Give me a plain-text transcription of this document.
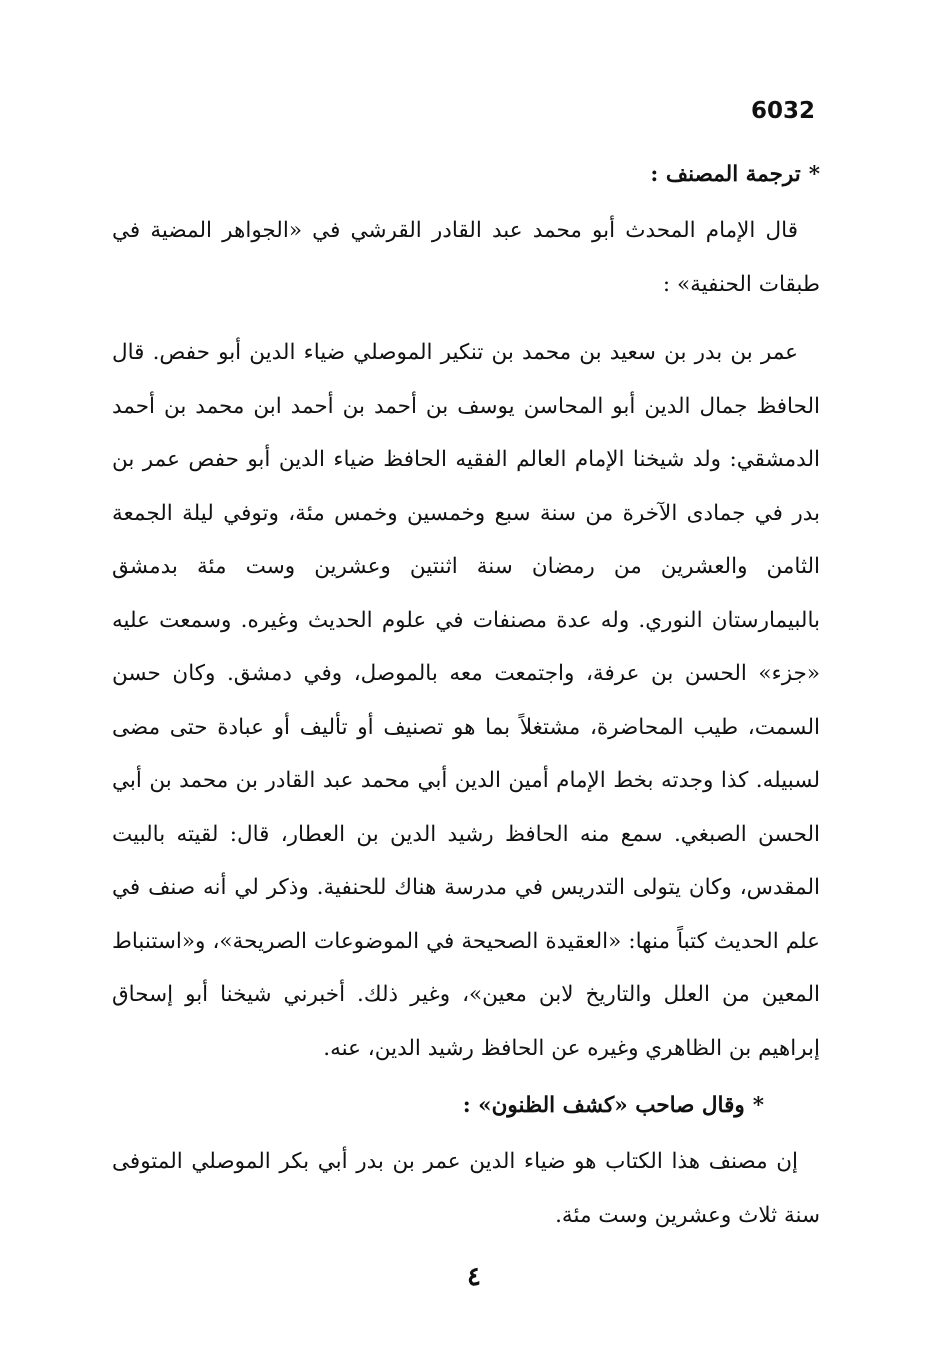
6032

*ترجمة المصنف :

قال الإمام المحدث أبو محمد عبد القادر القرشي في «الجواهر المضية في طبقات الحنفية» :

عمر بن بدر بن سعيد بن محمد بن تنكير الموصلي ضياء الدين أبو حفص. قال الحافظ جمال الدين أبو المحاسن يوسف بن أحمد بن أحمد ابن محمد بن أحمد الدمشقي: ولد شيخنا الإمام العالم الفقيه الحافظ ضياء الدين أبو حفص عمر بن بدر في جمادى الآخرة من سنة سبع وخمسين وخمس مئة، وتوفي ليلة الجمعة الثامن والعشرين من رمضان سنة اثنتين وعشرين وست مئة بدمشق بالبيمارستان النوري. وله عدة مصنفات في علوم الحديث وغيره. وسمعت عليه «جزء» الحسن بن عرفة، واجتمعت معه بالموصل، وفي دمشق. وكان حسن السمت، طيب المحاضرة، مشتغلاً بما هو تصنيف أو تأليف أو عبادة حتى مضى لسبيله. كذا وجدته بخط الإمام أمين الدين أبي محمد عبد القادر بن محمد بن أبي الحسن الصبغي. سمع منه الحافظ رشيد الدين بن العطار، قال: لقيته بالبيت المقدس، وكان يتولى التدريس في مدرسة هناك للحنفية. وذكر لي أنه صنف في علم الحديث كتباً منها: «العقيدة الصحيحة في الموضوعات الصريحة»، و«استنباط المعين من العلل والتاريخ لابن معين»، وغير ذلك. أخبرني شيخنا أبو إسحاق إبراهيم بن الظاهري وغيره عن الحافظ رشيد الدين، عنه.

*وقال صاحب «كشف الظنون» :

إن مصنف هذا الكتاب هو ضياء الدين عمر بن بدر أبي بكر الموصلي المتوفى سنة ثلاث وعشرين وست مئة.

٤
